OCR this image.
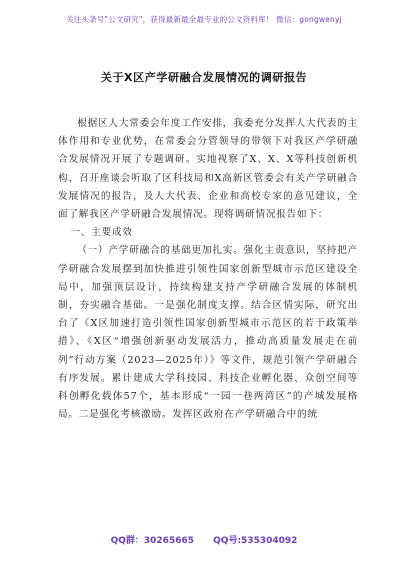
关注头条号"公文研究"，获得最新最全最专业的公文资料库！ 微信：gongwenyj
关于X区产学研融合发展情况的调研报告

根据区人大常委会年度工作安排，我委充分发挥人大代表的主体作用和专业优势，在常委会分管领导的带领下对我区产学研融合发展情况开展了专题调研。实地视察了X、X、X等科技创新机构，召开座谈会听取了区科技局和X高新区管委会有关产学研融合发展情况的报告，及人大代表、企业和高校专家的意见建议，全面了解我区产学研融合发展情况。现将调研情况报告如下：

一、主要成效

（一）产学研融合的基础更加扎实。强化主责意识，坚持把产学研融合发展摆到加快推进引领性国家创新型城市示范区建设全局中，加强顶层设计，持续构建支持产学研融合发展的体制机制，夯实融合基础。一是强化制度支撑。结合区情实际，研究出台了《X区加速打造引领性国家创新型城市示范区的若干政策举措》、《X区“增强创新驱动发展活力，推动高质量发展走在前列”行动方案（2023—2025年）》等文件，规范引领产学研融合有序发展。累计建成大学科技园、科技企业孵化器、众创空间等科创孵化载体57个，基本形成“一园一巷两湾区”的产城发展格局。二是强化考核激励。发挥区政府在产学研融合中的统

QQ群：30265665 QQ号:535304092
